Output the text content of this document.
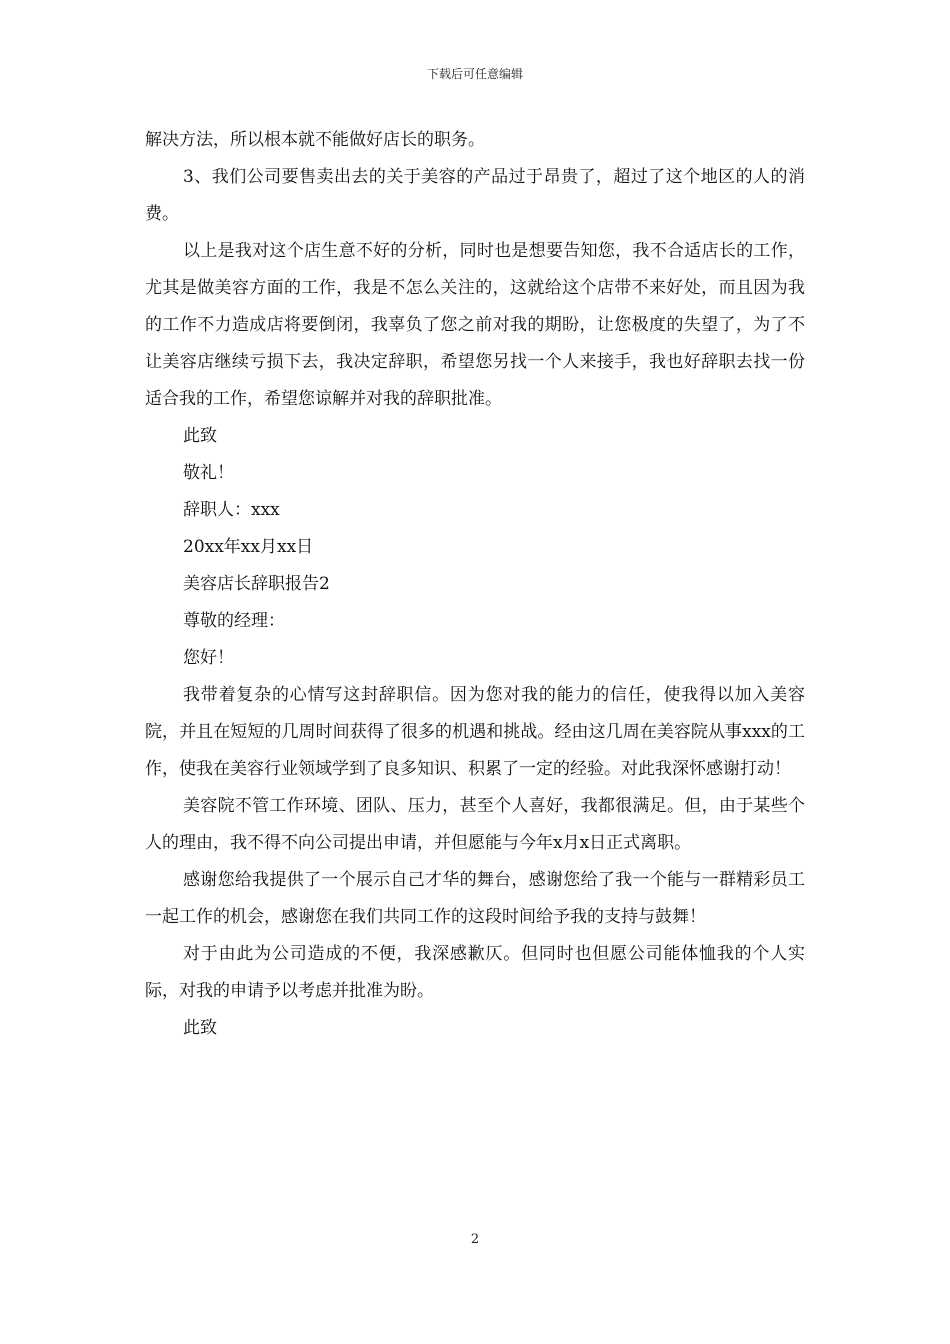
下载后可任意编辑

解决方法，所以根本就不能做好店长的职务。

3、我们公司要售卖出去的关于美容的产品过于昂贵了，超过了这个地区的人的消费。

以上是我对这个店生意不好的分析，同时也是想要告知您，我不合适店长的工作，尤其是做美容方面的工作，我是不怎么关注的，这就给这个店带不来好处，而且因为我的工作不力造成店将要倒闭，我辜负了您之前对我的期盼，让您极度的失望了，为了不让美容店继续亏损下去，我决定辞职，希望您另找一个人来接手，我也好辞职去找一份适合我的工作，希望您谅解并对我的辞职批准。

此致

敬礼！

辞职人：xxx

20xx年xx月xx日

美容店长辞职报告2

尊敬的经理：

您好！

我带着复杂的心情写这封辞职信。因为您对我的能力的信任，使我得以加入美容院，并且在短短的几周时间获得了很多的机遇和挑战。经由这几周在美容院从事xxx的工作，使我在美容行业领域学到了良多知识、积累了一定的经验。对此我深怀感谢打动！

美容院不管工作环境、团队、压力，甚至个人喜好，我都很满足。但，由于某些个人的理由，我不得不向公司提出申请，并但愿能与今年x月x日正式离职。

感谢您给我提供了一个展示自己才华的舞台，感谢您给了我一个能与一群精彩员工一起工作的机会，感谢您在我们共同工作的这段时间给予我的支持与鼓舞！

对于由此为公司造成的不便，我深感歉仄。但同时也但愿公司能体恤我的个人实际，对我的申请予以考虑并批准为盼。

此致

2
